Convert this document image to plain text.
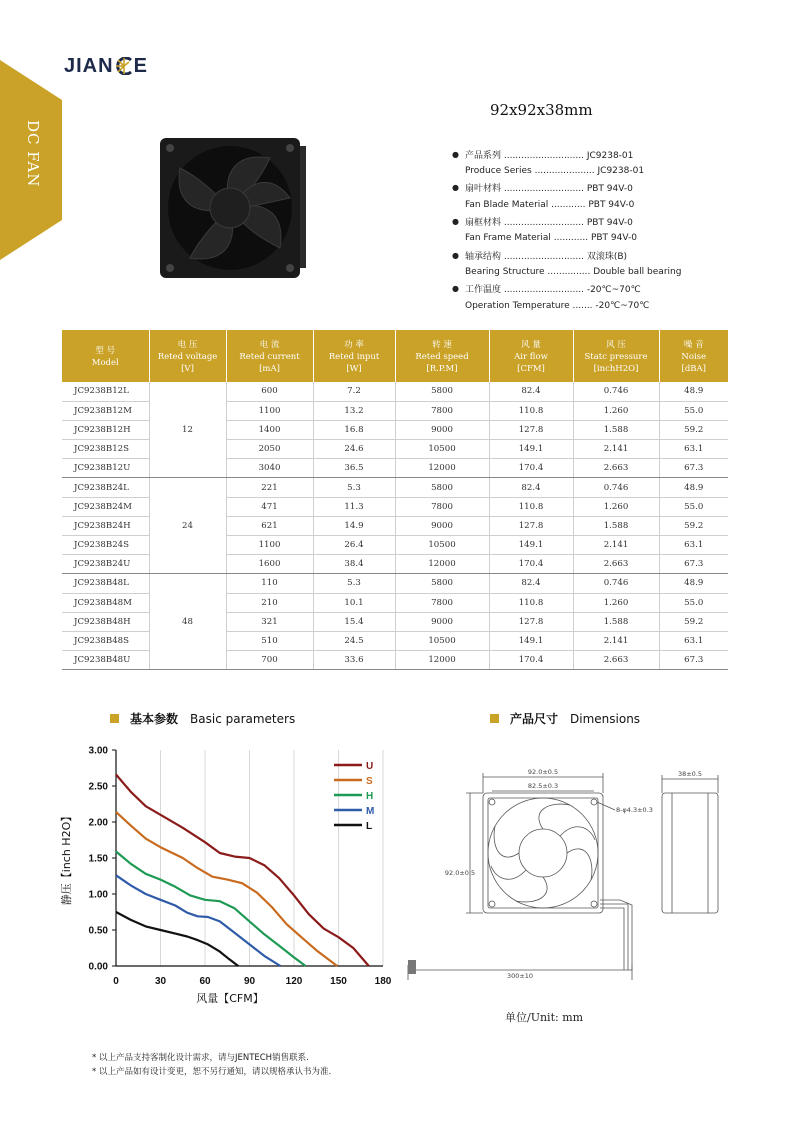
JIAN E
92x92x38mm
● 产品系列 ............................ JC9238-01
Produce Series ..................... JC9238-01
● 扇叶材料 ............................ PBT 94V-0
Fan Blade Material ............ PBT 94V-0
● 扇框材料 ............................ PBT 94V-0
Fan Frame Material ............ PBT 94V-0
● 轴承结构 ............................ 双滚珠(B)
Bearing Structure ............... Double ball bearing
● 工作温度 ............................ -20℃~70℃
Operation Temperature ....... -20℃~70℃
型 号
Model	电 压
Reted voltage
[V]	电 流
Reted current
[mA]	功 率
Reted input
[W]	转 速
Reted speed
[R.P.M]	风 量
Air flow
[CFM]	风 压
Statc pressure
[inchH2O]	噪 音
Noise
[dBA]

JC9238B12L	12	600	7.2	5800	82.4	0.746	48.9
JC9238B12M		1100	13.2	7800	110.8	1.260	55.0
JC9238B12H		1400	16.8	9000	127.8	1.588	59.2
JC9238B12S		2050	24.6	10500	149.1	2.141	63.1
JC9238B12U		3040	36.5	12000	170.4	2.663	67.3
JC9238B24L	24	221	5.3	5800	82.4	0.746	48.9
JC9238B24M		471	11.3	7800	110.8	1.260	55.0
JC9238B24H		621	14.9	9000	127.8	1.588	59.2
JC9238B24S		1100	26.4	10500	149.1	2.141	63.1
JC9238B24U		1600	38.4	12000	170.4	2.663	67.3
JC9238B48L	48	110	5.3	5800	82.4	0.746	48.9
JC9238B48M		210	10.1	7800	110.8	1.260	55.0
JC9238B48H		321	15.4	9000	127.8	1.588	59.2
JC9238B48S		510	24.5	10500	149.1	2.141	63.1
JC9238B48U		700	33.6	12000	170.4	2.663	67.3
基本参数 Basic parameters	产品尺寸 Dimensions
0	30	60	90	120	150	180
0.00
0.50
1.00
1.50
2.00
2.50
3.00
风量【CFM】
静压【inch H2O】
U
S
H
M
L
92.0±0.5
82.5±0.3
8-φ4.3±0.3
92.0±0.5
38±0.5
300±10
单位/Unit: mm
* 以上产品支持客制化设计需求，请与JENTECH销售联系.
* 以上产品如有设计变更，恕不另行通知，请以规格承认书为准.
